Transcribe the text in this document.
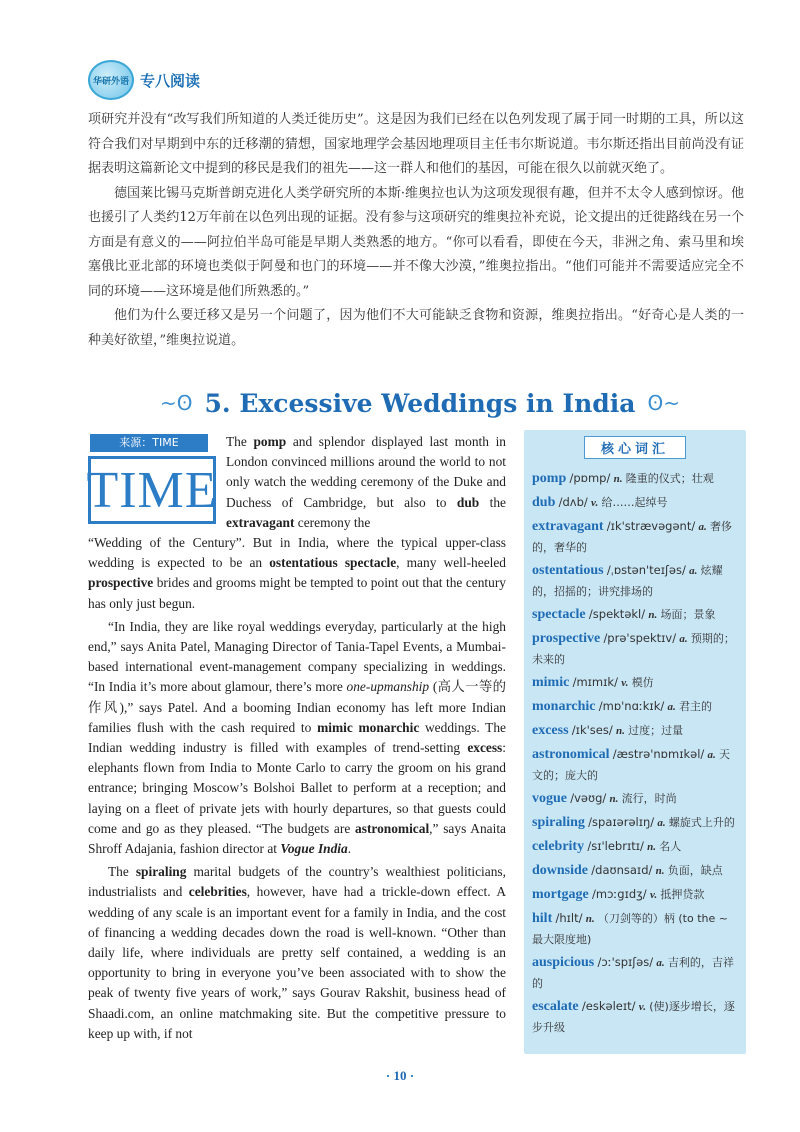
华研外语 专八阅读

项研究并没有“改写我们所知道的人类迁徙历史”。这是因为我们已经在以色列发现了属于同一时期的工具，所以这符合我们对早期到中东的迁移潮的猜想，国家地理学会基因地理项目主任韦尔斯说道。韦尔斯还指出目前尚没有证据表明这篇新论文中提到的移民是我们的祖先——这一群人和他们的基因，可能在很久以前就灭绝了。

德国莱比锡马克斯普朗克进化人类学研究所的本斯·维奥拉也认为这项发现很有趣，但并不太令人感到惊讶。他也援引了人类约12万年前在以色列出现的证据。没有参与这项研究的维奥拉补充说，论文提出的迁徙路线在另一个方面是有意义的——阿拉伯半岛可能是早期人类熟悉的地方。“你可以看看，即使在今天，非洲之角、索马里和埃塞俄比亚北部的环境也类似于阿曼和也门的环境——并不像大沙漠，”维奥拉指出。“他们可能并不需要适应完全不同的环境——这环境是他们所熟悉的。”

他们为什么要迁移又是另一个问题了，因为他们不大可能缺乏食物和资源，维奥拉指出。“好奇心是人类的一种美好欲望，”维奥拉说道。

~ʘ 5. Excessive Weddings in India ʘ~
来源：TIME
TIME

The pomp and splendor displayed last month in London convinced millions around the world to not only watch the wedding ceremony of the Duke and Duchess of Cambridge, but also to dub the extravagant ceremony the

“Wedding of the Century”. But in India, where the typical upper-class wedding is expected to be an ostentatious spectacle, many well-heeled prospective brides and grooms might be tempted to point out that the century has only just begun.

“In India, they are like royal weddings everyday, particularly at the high end,” says Anita Patel, Managing Director of Tania-Tapel Events, a Mumbai-based international event-management company specializing in weddings. “In India it’s more about glamour, there’s more one-upmanship (高人一等的作风),” says Patel. And a booming Indian economy has left more Indian families flush with the cash required to mimic monarchic weddings. The Indian wedding industry is filled with examples of trend-setting excess: elephants flown from India to Monte Carlo to carry the groom on his grand entrance; bringing Moscow’s Bolshoi Ballet to perform at a reception; and laying on a fleet of private jets with hourly departures, so that guests could come and go as they pleased. “The budgets are astronomical,” says Anaita Shroff Adajania, fashion director at Vogue India.

The spiraling marital budgets of the country’s wealthiest politicians, industrialists and celebrities, however, have had a trickle-down effect. A wedding of any scale is an important event for a family in India, and the cost of financing a wedding decades down the road is well-known. “Other than daily life, where individuals are pretty self contained, a wedding is an opportunity to bring in everyone you’ve been associated with to show the peak of twenty five years of work,” says Gourav Rakshit, business head of Shaadi.com, an online matchmaking site. But the competitive pressure to keep up with, if not

核心词汇
pomp /pɒmp/ n. 隆重的仪式；壮观
dub /dʌb/ v. 给……起绰号
extravagant /ɪk'strævəgənt/ a. 奢侈的，奢华的
ostentatious /ˌɒstən'teɪʃəs/ a. 炫耀的，招摇的；讲究排场的
spectacle /spektəkl/ n. 场面；景象
prospective /prə'spektɪv/ a. 预期的；未来的
mimic /mɪmɪk/ v. 模仿
monarchic /mɒ'nɑːkɪk/ a. 君主的
excess /ɪk'ses/ n. 过度；过量
astronomical /æstrə'nɒmɪkəl/ a. 天文的；庞大的
vogue /vəʊg/ n. 流行，时尚
spiraling /spaɪərəlɪŋ/ a. 螺旋式上升的
celebrity /sɪ'lebrɪtɪ/ n. 名人
downside /daʊnsaɪd/ n. 负面，缺点
mortgage /mɔːgɪdʒ/ v. 抵押贷款
hilt /hɪlt/ n. （刀剑等的）柄 (to the ~ 最大限度地)
auspicious /ɔː'spɪʃəs/ a. 吉利的，吉祥的
escalate /eskəleɪt/ v. (使)逐步增长，逐步升级
· 10 ·
